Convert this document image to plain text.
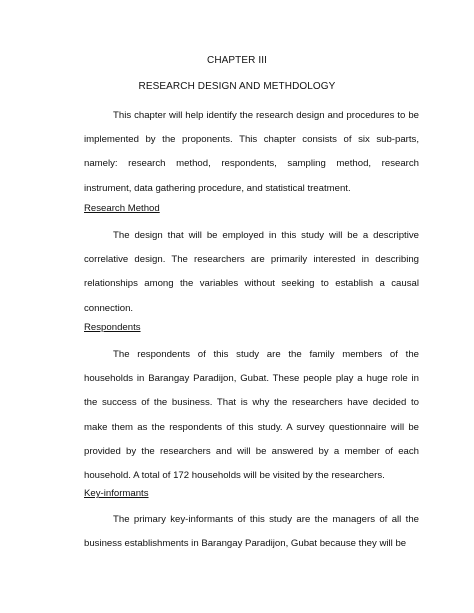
CHAPTER III
RESEARCH DESIGN AND METHDOLOGY

This chapter will help identify the research design and procedures to be implemented by the proponents. This chapter consists of six sub-parts, namely: research method, respondents, sampling method, research instrument, data gathering procedure, and statistical treatment.

Research Method

The design that will be employed in this study will be a descriptive correlative design. The researchers are primarily interested in describing relationships among the variables without seeking to establish a causal connection.

Respondents

The respondents of this study are the family members of the households in Barangay Paradijon, Gubat. These people play a huge role in the success of the business. That is why the researchers have decided to make them as the respondents of this study. A survey questionnaire will be provided by the researchers and will be answered by a member of each household. A total of 172 households will be visited by the researchers.

Key-informants

The primary key-informants of this study are the managers of all the business establishments in Barangay Paradijon, Gubat because they will be
